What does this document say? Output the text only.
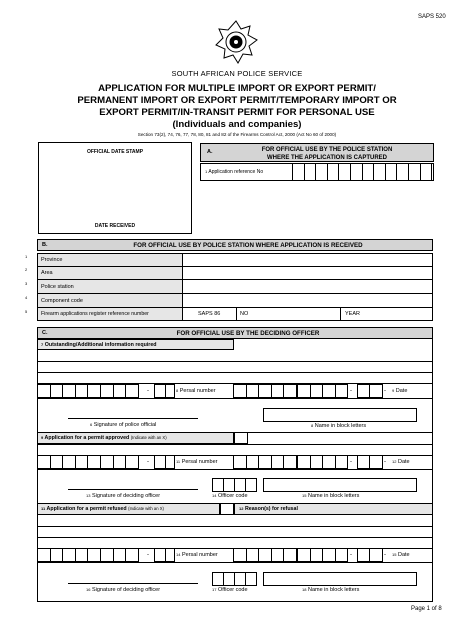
SAPS 520
SOUTH AFRICAN POLICE SERVICE
APPLICATION FOR MULTIPLE IMPORT OR EXPORT PERMIT/
PERMANENT IMPORT OR EXPORT PERMIT/TEMPORARY IMPORT OR
EXPORT PERMIT/IN-TRANSIT PERMIT FOR PERSONAL USE
(Individuals and companies)
Section 73(2), 74, 76, 77, 78, 80, 81 and 82 of the Firearms Control Act, 2000 (Act No 60 of 2000)
OFFICIAL DATE STAMP
DATE RECEIVED
A.	FOR OFFICIAL USE BY THE POLICE STATION
WHERE THE APPLICATION IS CAPTURED
$^1$ Application reference No
B.	FOR OFFICIAL USE BY POLICE STATION WHERE APPLICATION IS RECEIVED
1
Province
2
Area
3
Police station
4
Component code
5	Firearm applications register reference number	SAPS 86	NO	YEAR
C.	FOR OFFICIAL USE BY THE DECIDING OFFICER
$^7$ Outstanding/Additional information required
-	-	-
$^8$ Persal number	$^9$ Date
$^6$ Signature of police official	$^8$ Name in block letters
$^9$ Application for a permit approved (Indicate with an X)
-	-	-
$^{11}$ Persal number	$^{12}$ Date
$^{13}$ Signature of deciding officer	$^{14}$ Officer code	$^{15}$ Name in block letters
$^{11}$ Application for a permit refused (Indicate with an X)	$^{12}$ Reason(s) for refusal
-	-	-
$^{14}$ Persal number	$^{15}$ Date
$^{16}$ Signature of deciding officer	$^{17}$ Officer code	$^{18}$ Name in block letters
Page 1 of 8
